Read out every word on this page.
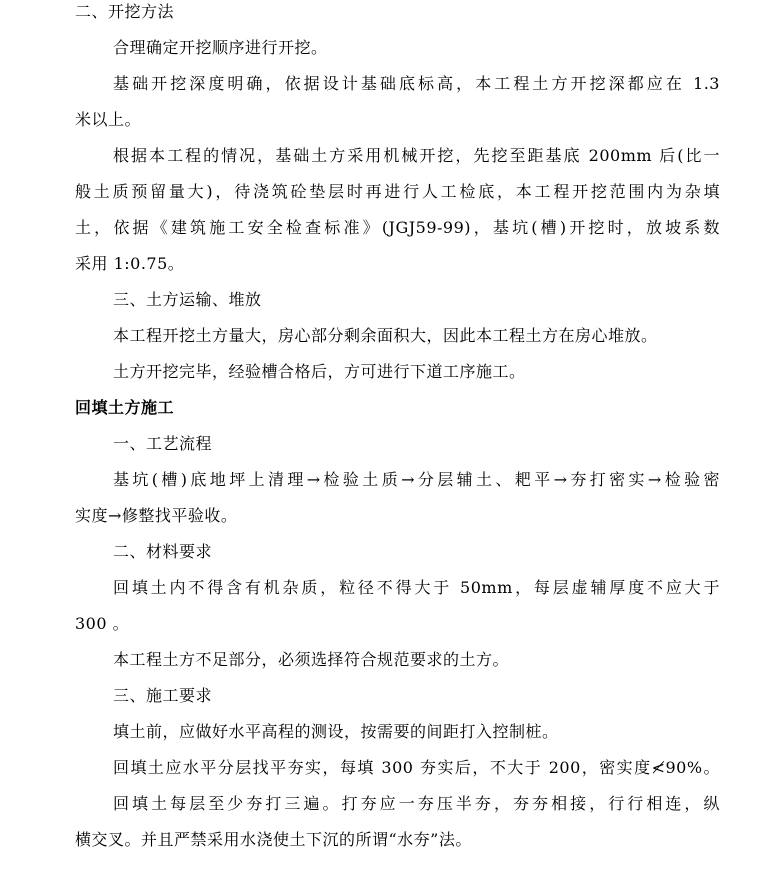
二、开挖方法
合理确定开挖顺序进行开挖。
基础开挖深度明确，依据设计基础底标高，本工程土方开挖深都应在 1.3
米以上。
根据本工程的情况，基础土方采用机械开挖，先挖至距基底 200mm 后(比一
般土质预留量大)，待浇筑砼垫层时再进行人工检底，本工程开挖范围内为杂填
土，依据《建筑施工安全检查标准》(JGJ59-99)，基坑(槽)开挖时，放坡系数
采用 1:0.75。
三、土方运输、堆放
本工程开挖土方量大，房心部分剩余面积大，因此本工程土方在房心堆放。
土方开挖完毕，经验槽合格后，方可进行下道工序施工。
回填土方施工
一、工艺流程
基坑(槽)底地坪上清理→检验土质→分层辅土、耙平→夯打密实→检验密
实度→修整找平验收。
二、材料要求
回填土内不得含有机杂质，粒径不得大于 50mm，每层虚辅厚度不应大于
300 。
本工程土方不足部分，必须选择符合规范要求的土方。
三、施工要求
填土前，应做好水平高程的测设，按需要的间距打入控制桩。
回填土应水平分层找平夯实，每填 300 夯实后，不大于 200，密实度≮90%。
回填土每层至少夯打三遍。打夯应一夯压半夯，夯夯相接，行行相连，纵
横交叉。并且严禁采用水浇使土下沉的所谓“水夯”法。
